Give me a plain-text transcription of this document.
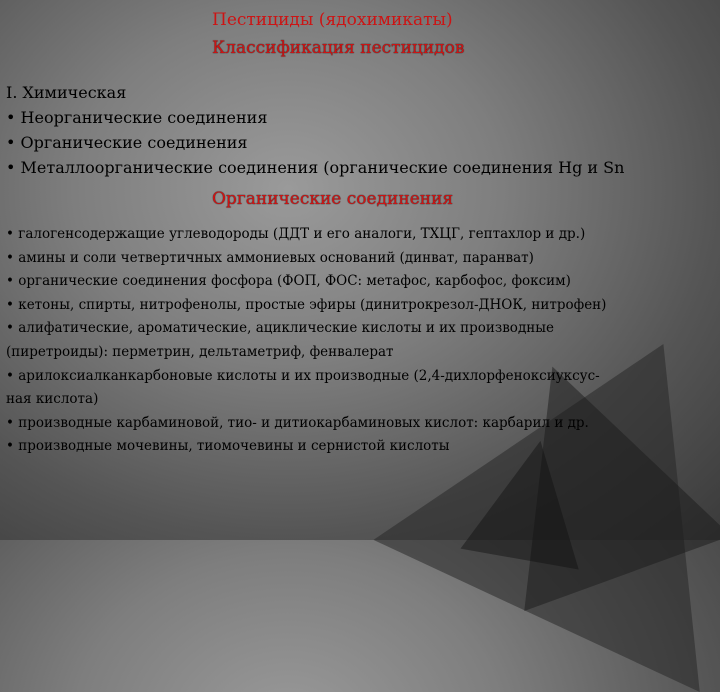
Пестициды (ядохимикаты)
Классификация пестицидов
I. Химическая
• Неорганические соединения
• Органические соединения
• Металлоорганические соединения (органические соединения Hg и Sn
Органические соединения
• галогенсодержащие углеводороды (ДДТ и его аналоги, ТХЦГ, гептахлор и др.)
• амины и соли четвертичных аммониевых оснований (динват, паранват)
• органические соединения фосфора (ФОП, ФОС: метафос, карбофос, фоксим)
• кетоны, спирты, нитрофенолы, простые эфиры (динитрокрезол-ДНОК, нитрофен)
• алифатические, ароматические, ациклические кислоты и их производные
(пиретроиды): перметрин, дельтаметриф, фенвалерат
• арилоксиалканкарбоновые кислоты и их производные (2,4-дихлорфеноксиуксус-
ная кислота)
• производные карбаминовой, тио- и дитиокарбаминовых кислот: карбарил и др.
• производные мочевины, тиомочевины и сернистой кислоты
